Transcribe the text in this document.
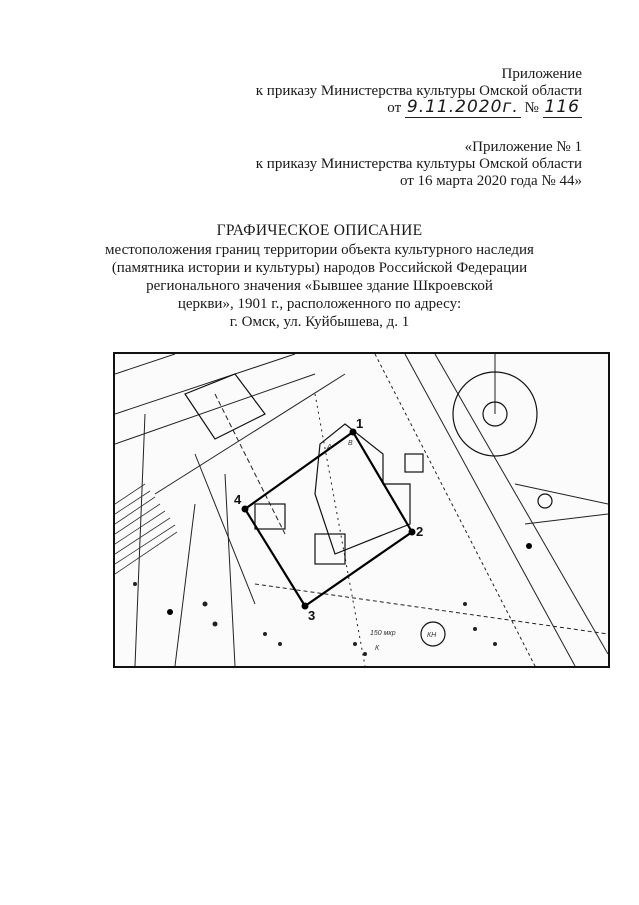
Приложение
к приказу Министерства культуры Омской области
от 9.11.2020г. № 116
«Приложение № 1
к приказу Министерства культуры Омской области
от 16 марта 2020 года № 44»
ГРАФИЧЕСКОЕ ОПИСАНИЕ
местоположения границ территории объекта культурного наследия
(памятника истории и культуры) народов Российской Федерации
регионального значения «Бывшее здание Шкроевской
церкви», 1901 г., расположенного по адресу:
г. Омск, ул. Куйбышева, д. 1
1
2
3
4
КН
150 мкр
К
А
В
